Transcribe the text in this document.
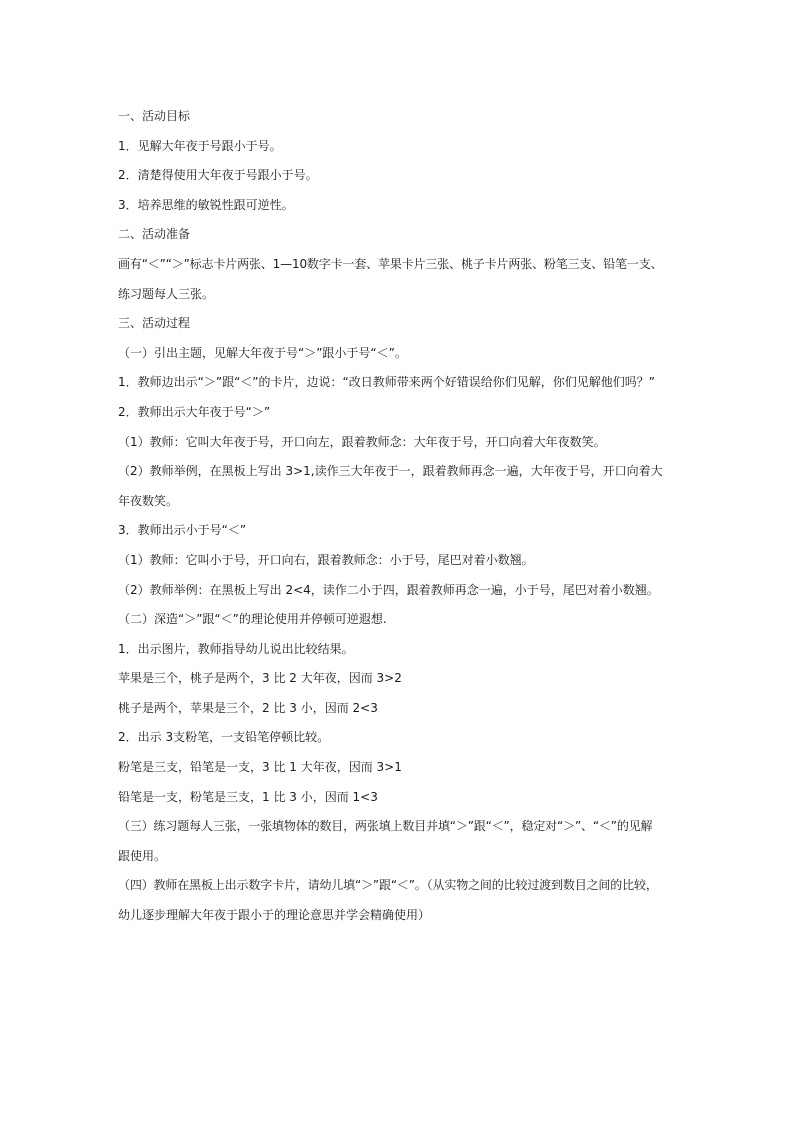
一、活动目标
1．见解大年夜于号跟小于号。
2．清楚得使用大年夜于号跟小于号。
3．培养思维的敏锐性跟可逆性。
二、活动准备
画有“＜”“＞”标志卡片两张、1—10数字卡一套、苹果卡片三张、桃子卡片两张、粉笔三支、铅笔一支、
练习题每人三张。
三、活动过程
（一）引出主题，见解大年夜于号“＞”跟小于号“＜”。
1．教师边出示“＞”跟“＜”的卡片，边说：“改日教师带来两个好错误给你们见解，你们见解他们吗？”
2．教师出示大年夜于号“＞”
（1）教师：它叫大年夜于号，开口向左，跟着教师念：大年夜于号，开口向着大年夜数笑。
（2）教师举例，在黑板上写出 3>1,读作三大年夜于一，跟着教师再念一遍，大年夜于号，开口向着大
年夜数笑。
3．教师出示小于号“＜”
（1）教师：它叫小于号，开口向右，跟着教师念：小于号，尾巴对着小数翘。
（2）教师举例：在黑板上写出 2<4，读作二小于四，跟着教师再念一遍，小于号，尾巴对着小数翘。
（二）深造“＞”跟“＜”的理论使用并停顿可逆遐想.
1．出示图片，教师指导幼儿说出比较结果。
苹果是三个，桃子是两个，3 比 2 大年夜，因而 3>2
桃子是两个，苹果是三个，2 比 3 小，因而 2<3
2．出示 3支粉笔，一支铅笔停顿比较。
粉笔是三支，铅笔是一支，3 比 1 大年夜，因而 3>1
铅笔是一支，粉笔是三支，1 比 3 小，因而 1<3
（三）练习题每人三张，一张填物体的数目，两张填上数目并填“＞”跟“＜”，稳定对“＞”、“＜”的见解
跟使用。
（四）教师在黑板上出示数字卡片，请幼儿填“＞”跟“＜”。（从实物之间的比较过渡到数目之间的比较，
幼儿逐步理解大年夜于跟小于的理论意思并学会精确使用）
